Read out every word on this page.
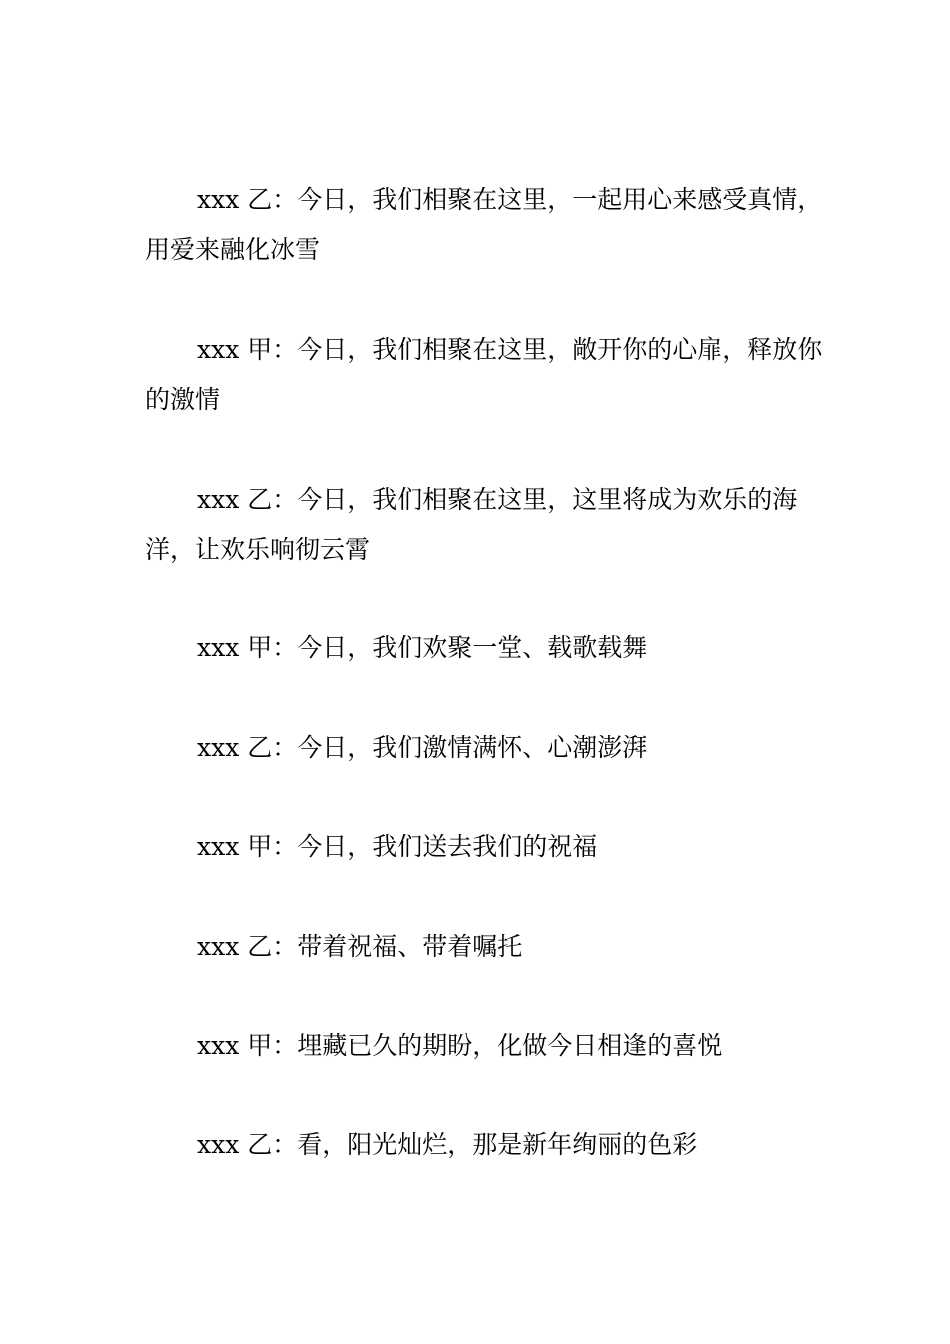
xxx 乙：今日，我们相聚在这里，一起用心来感受真情，用爱来融化冰雪

xxx 甲：今日，我们相聚在这里，敞开你的心扉，释放你的激情

xxx 乙：今日，我们相聚在这里，这里将成为欢乐的海洋，让欢乐响彻云霄

xxx 甲：今日，我们欢聚一堂、载歌载舞

xxx 乙：今日，我们激情满怀、心潮澎湃

xxx 甲：今日，我们送去我们的祝福

xxx 乙：带着祝福、带着嘱托

xxx 甲：埋藏已久的期盼，化做今日相逢的喜悦

xxx 乙：看，阳光灿烂，那是新年绚丽的色彩
